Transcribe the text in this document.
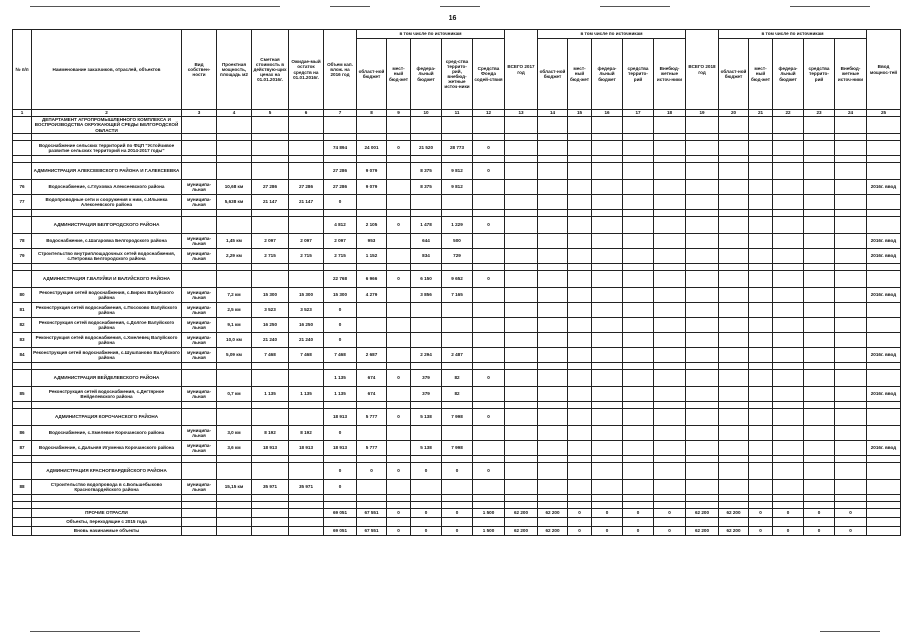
16
№ п/п	Наименование заказчиков, отраслей, объектов	Вид собствен-ности	Проектная мощность, площадь м2	Сметная стоимость в действую-щих ценах на 01.01.2016г.	Ожидае-мый остаток средств на 01.01.2016г.	Объем кап. влож. на 2016 год	в том числе по источникам					ВСЕГО 2017 год	в том числе по источникам					ВСЕГО 2018 год	в том числе по источникам					Ввод мощнос-тей
							област-ной бюджет	мест-ный бюд-жет	федера-льный бюджет	сред-ства террито-рий, внебюд-жетные источ-ники	Средства Фонда содей-ствия		област-ной бюджет	мест-ный бюд-жет	федера-льный бюджет	средства террито-рий	Внебюд-жетные источ-ники		област-ной бюджет	мест-ный бюд-жет	федера-льный бюджет	средства террито-рий	Внебюд-жетные источ-ники	
1	2	3	4	5	6	7	8	9	10	11	12	13	14	15	16	17	18	19	20	21	22	23	24	25
	ДЕПАРТАМЕНТ АГРОПРОМЫШЛЕННОГО КОМПЛЕКСА И ВОСПРОИЗВОДСТВА ОКРУЖАЮЩЕЙ СРЕДЫ БЕЛГОРОДСКОЙ ОБЛАСТИ																							

	Водоснабжение сельских территорий по ФЦП "Устойчивое развитие сельских территорий на 2014-2017 годы"					74 894	24 001	0	21 520	28 773	0													

	АДМИНИСТРАЦИЯ АЛЕКСЕЕВСКОГО РАЙОНА И Г.АЛЕКСЕЕВКА					27 286	9 079		8 375	9 812	0													
76	Водоснабжение, с.Глуховка Алексеевского района	муниципа-льная	10,68 км	27 286	27 286	27 286	9 079		8 375	9 812														2016г. ввод
77	Водопроводные сети и сооружения к ним, с.Ильинка Алексеевского района	муниципа-льная	5,638 км	21 147	21 147	0																		

	АДМИНИСТРАЦИЯ БЕЛГОРОДСКОГО РАЙОНА					4 812	2 105	0	1 478	1 229	0													
78	Водоснабжение, с.Шагаровка Белгородского района	муниципа-льная	1,45 км	2 097	2 097	2 097	953		644	500														2016г. ввод
79	Строительство внутриплощадочных сетей водоснабжения, с.Петровка Белгородского района	муниципа-льная	2,29 км	2 715	2 715	2 715	1 152		834	729														2016г. ввод

	АДМИНИСТРАЦИЯ Г.ВАЛУЙКИ И ВАЛУЙСКОГО РАЙОНА					22 768	6 966	0	6 150	9 652	0													
80	Реконструкция сетей водоснабжения, с.Бирюч Валуйского района	муниципа-льная	7,2 км	15 300	15 300	15 300	4 279		3 856	7 165														2016г. ввод
81	Реконструкция сетей водоснабжения, с.Посохово Валуйского района	муниципа-льная	2,5 км	3 523	3 523	0																		
82	Реконструкция сетей водоснабжения, с.Долгое Валуйского района	муниципа-льная	9,1 км	16 250	16 250	0																		
83	Реконструкция сетей водоснабжения, с.Хмелевец Валуйского района	муниципа-льная	10,0 км	21 240	21 240	0																		
84	Реконструкция сетей водоснабжения, с.Шушпаново Валуйского района	муниципа-льная	5,09 км	7 468	7 468	7 468	2 687		2 294	2 487														2016г. ввод

	АДМИНИСТРАЦИЯ ВЕЙДЕЛЕВСКОГО РАЙОНА					1 135	674	0	379	82	0													
85	Реконструкция сетей водоснабжения, с.Дегтярное Вейделевского района	муниципа-льная	0,7 км	1 135	1 135	1 135	674		379	82														2016г. ввод

	АДМИНИСТРАЦИЯ КОРОЧАНСКОГО РАЙОНА					18 913	5 777	0	5 138	7 998	0													
86	Водоснабжение, с.Хмелевое Корочанского района	муниципа-льная	3,0 км	8 192	8 192	0																		
87	Водоснабжение, с.Дальняя Игуменка Корочанского района	муниципа-льная	3,6 км	18 913	18 913	18 913	5 777		5 138	7 998														2016г. ввод

	АДМИНИСТРАЦИЯ КРАСНОГВАРДЕЙСКОГО РАЙОНА					0	0	0	0	0	0													
88	Строительство водопровода в с.Большебыково Красногвардейского района	муниципа-льная	15,15 км	35 971	35 971	0																		

	ПРОЧИЕ ОТРАСЛИ					69 051	67 551	0	0	0	1 500	62 200	62 200	0	0	0	0	62 200	62 200	0	0	0	0	
	Объекты, переходящие с 2015 года																							
	Вновь начинаемые объекты					69 051	67 551	0	0	0	1 500	62 200	62 200	0	0	0	0	62 200	62 200	0	0	0	0	
